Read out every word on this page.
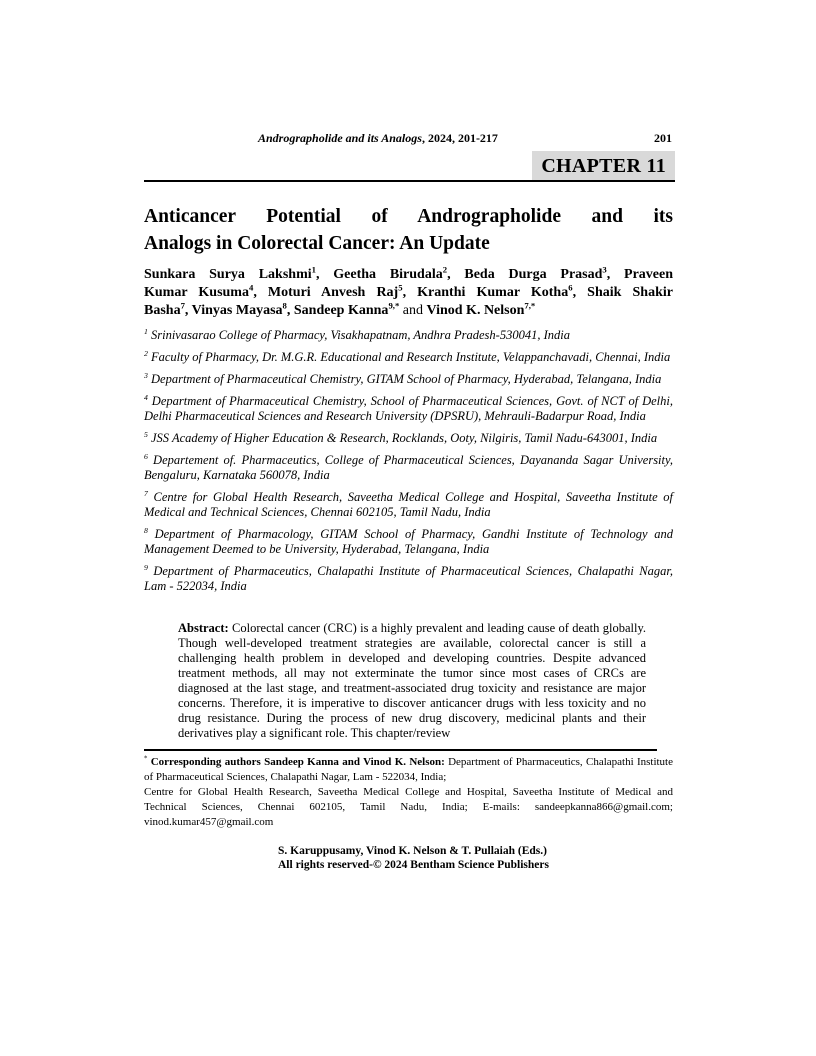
Andrographolide and its Analogs, 2024, 201-217	201
CHAPTER 11
Anticancer Potential of Andrographolide and its
Analogs in Colorectal Cancer: An Update
Sunkara Surya Lakshmi$^1$, Geetha Birudala$^2$, Beda Durga Prasad$^3$, Praveen
Kumar Kusuma$^4$, Moturi Anvesh Raj$^5$, Kranthi Kumar Kotha$^6$, Shaik Shakir
Basha$^7$, Vinyas Mayasa$^8$, Sandeep Kanna$^{9,*}$ and Vinod K. Nelson$^{7,*}$

$^1$ Srinivasarao College of Pharmacy, Visakhapatnam, Andhra Pradesh-530041, India

$^2$ Faculty of Pharmacy, Dr. M.G.R. Educational and Research Institute, Velappanchavadi, Chennai, India

$^3$ Department of Pharmaceutical Chemistry, GITAM School of Pharmacy, Hyderabad, Telangana, India

$^4$ Department of Pharmaceutical Chemistry, School of Pharmaceutical Sciences, Govt. of NCT of Delhi, Delhi Pharmaceutical Sciences and Research University (DPSRU), Mehrauli-Badarpur Road, India

$^5$ JSS Academy of Higher Education & Research, Rocklands, Ooty, Nilgiris, Tamil Nadu-643001, India

$^6$ Departement of. Pharmaceutics, College of Pharmaceutical Sciences, Dayananda Sagar University, Bengaluru, Karnataka 560078, India

$^7$ Centre for Global Health Research, Saveetha Medical College and Hospital, Saveetha Institute of Medical and Technical Sciences, Chennai 602105, Tamil Nadu, India

$^8$ Department of Pharmacology, GITAM School of Pharmacy, Gandhi Institute of Technology and Management Deemed to be University, Hyderabad, Telangana, India

$^9$ Department of Pharmaceutics, Chalapathi Institute of Pharmaceutical Sciences, Chalapathi Nagar, Lam - 522034, India

Abstract: Colorectal cancer (CRC) is a highly prevalent and leading cause of death globally. Though well-developed treatment strategies are available, colorectal cancer is still a challenging health problem in developed and developing countries. Despite advanced treatment methods, all may not exterminate the tumor since most cases of CRCs are diagnosed at the last stage, and treatment-associated drug toxicity and resistance are major concerns. Therefore, it is imperative to discover anticancer drugs with less toxicity and no drug resistance. During the process of new drug discovery, medicinal plants and their derivatives play a significant role. This chapter/review

* Corresponding authors Sandeep Kanna and Vinod K. Nelson: Department of Pharmaceutics, Chalapathi Institute of Pharmaceutical Sciences, Chalapathi Nagar, Lam - 522034, India;

Centre for Global Health Research, Saveetha Medical College and Hospital, Saveetha Institute of Medical and Technical Sciences, Chennai 602105, Tamil Nadu, India; E-mails: sandeepkanna866@gmail.com; vinod.kumar457@gmail.com

S. Karuppusamy, Vinod K. Nelson & T. Pullaiah (Eds.)
All rights reserved-© 2024 Bentham Science Publishers
